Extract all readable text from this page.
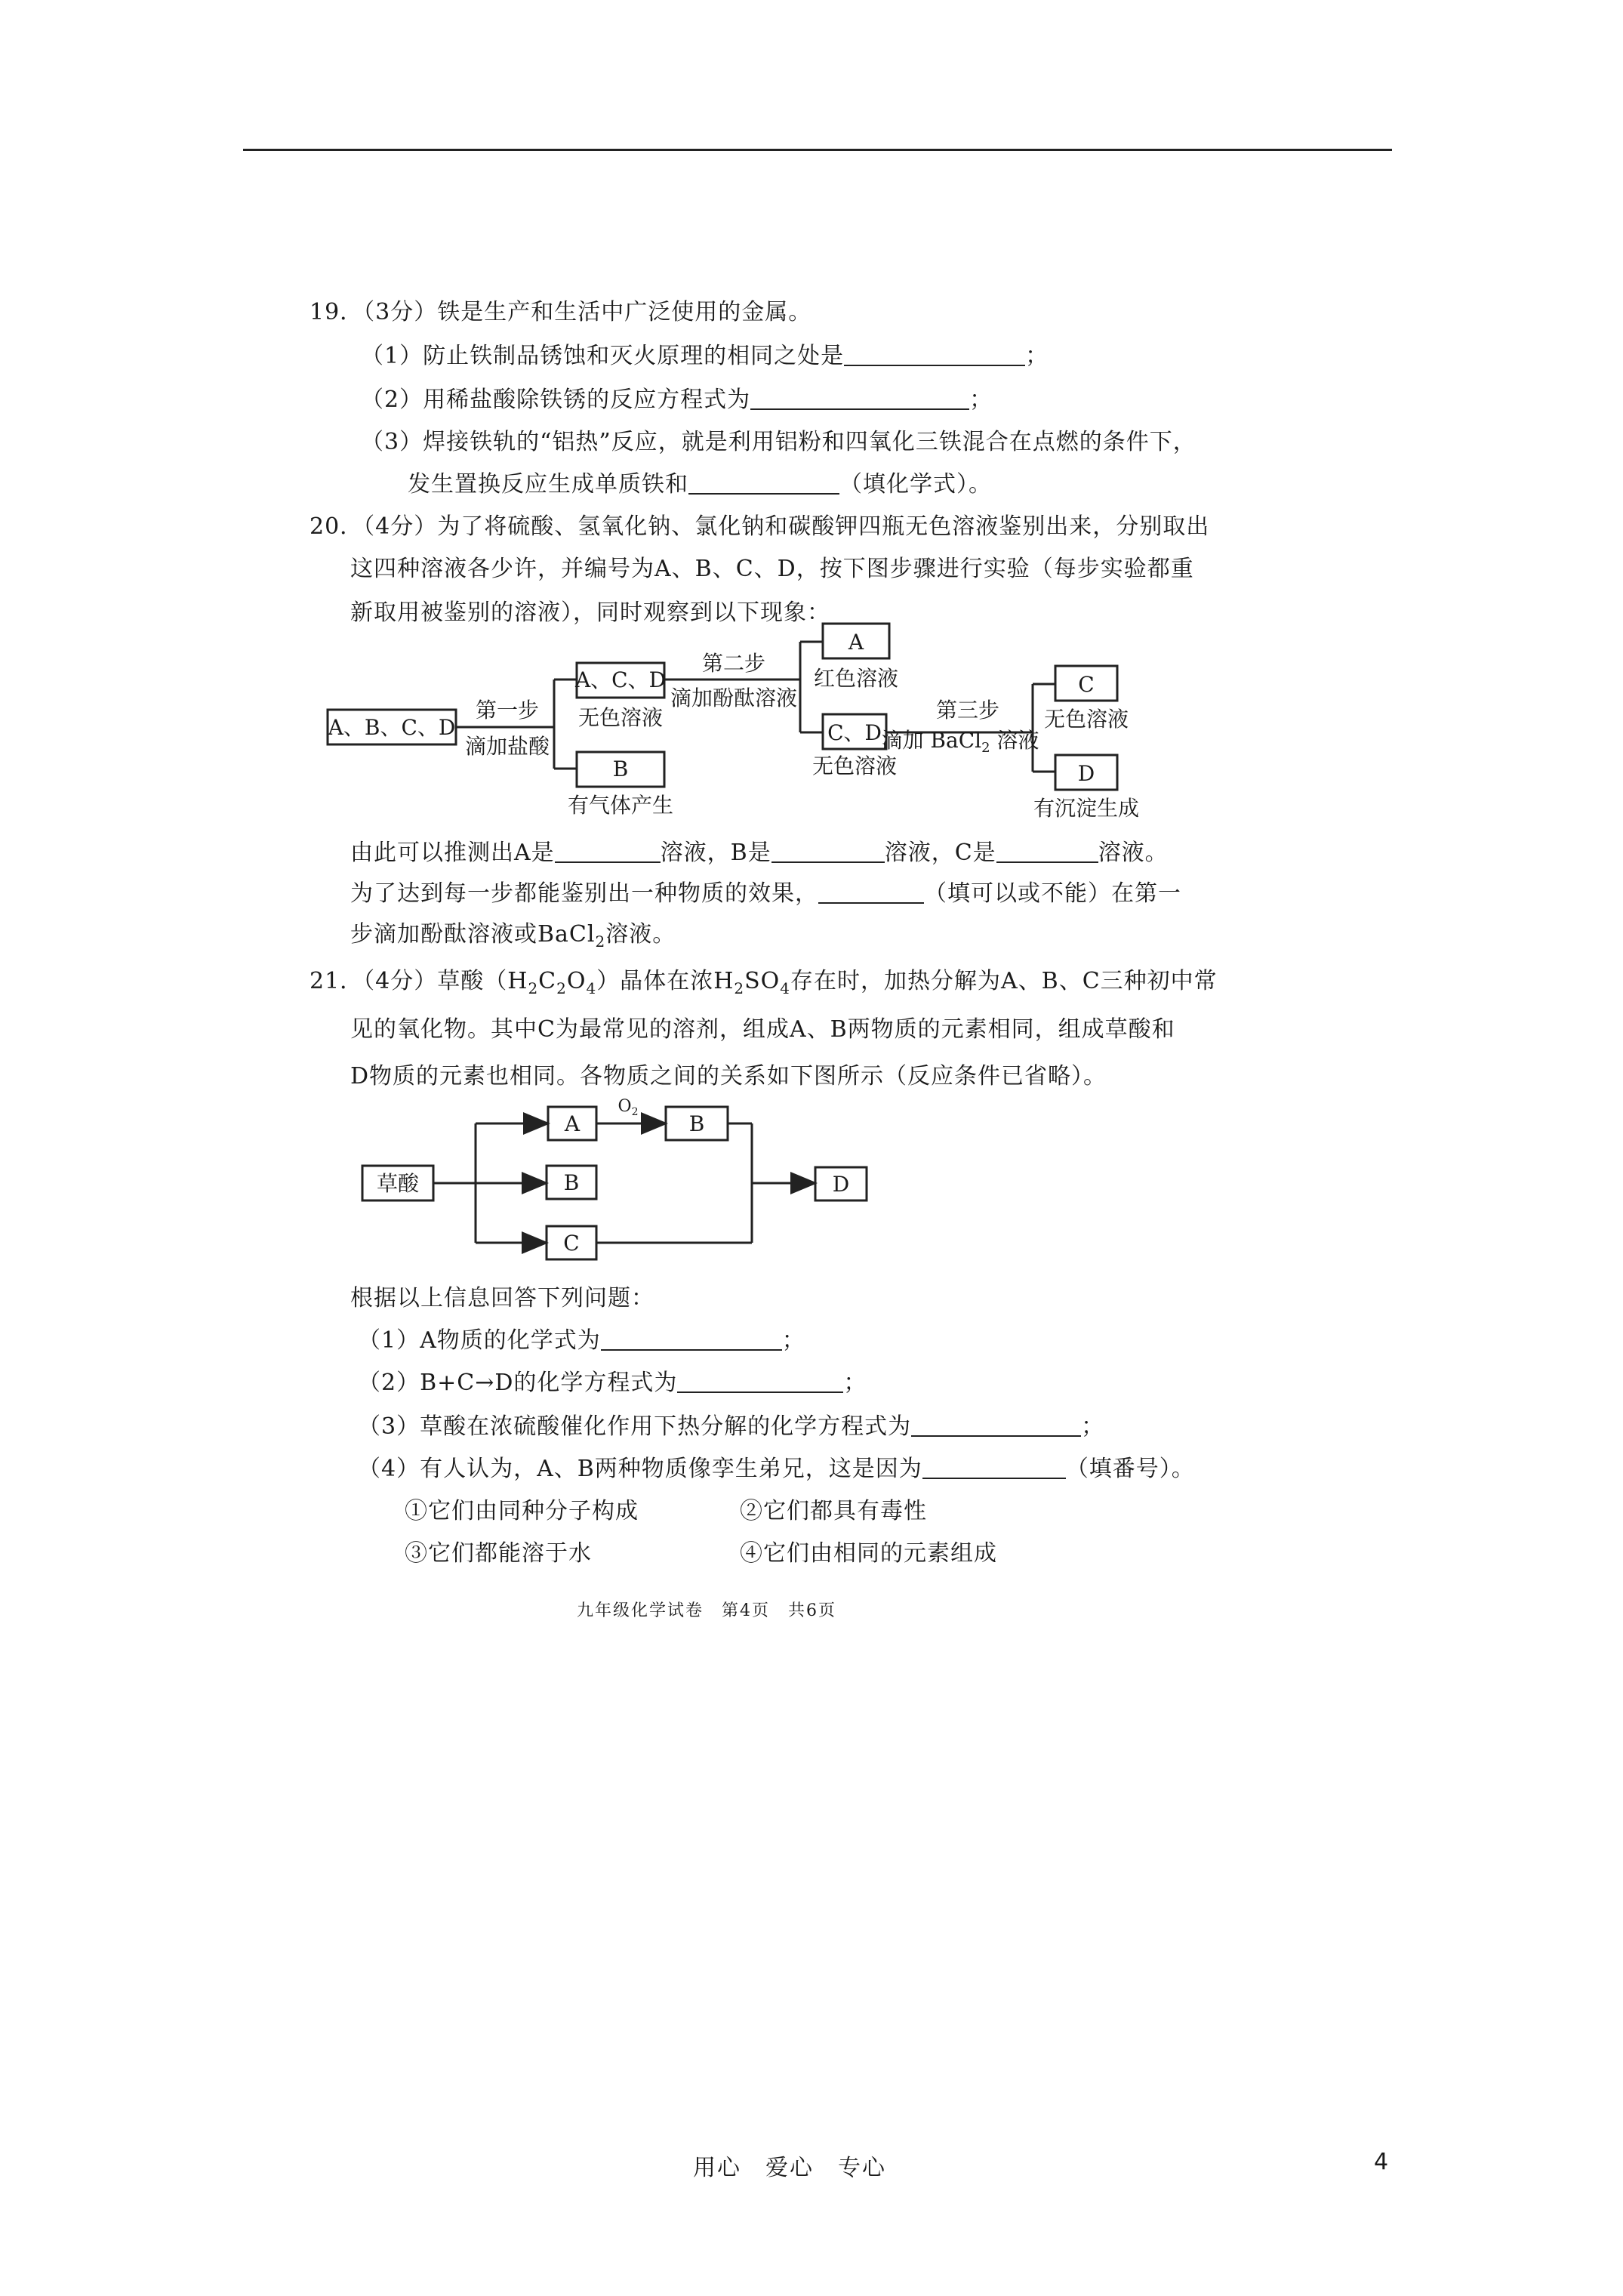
19．（3分）铁是生产和生活中广泛使用的金属。
（1）防止铁制品锈蚀和灭火原理的相同之处是	；
（2）用稀盐酸除铁锈的反应方程式为	；
（3）焊接铁轨的“铝热”反应，就是利用铝粉和四氧化三铁混合在点燃的条件下，
发生置换反应生成单质铁和	（填化学式）。
20．（4分）为了将硫酸、氢氧化钠、氯化钠和碳酸钾四瓶无色溶液鉴别出来，分别取出
这四种溶液各少许，并编号为A、B、C、D，按下图步骤进行实验（每步实验都重
新取用被鉴别的溶液），同时观察到以下现象：
A、B、C、D
第一步
滴加盐酸
A、C、D
无色溶液
B
有气体产生
第二步
滴加酚酞溶液
A
红色溶液
C、D
无色溶液
第三步
滴加 BaCl$_2$ 溶液
C
无色溶液
D
有沉淀生成
由此可以推测出A是	溶液，B是	溶液，C是	溶液。
为了达到每一步都能鉴别出一种物质的效果，	（填可以或不能）在第一
步滴加酚酞溶液或BaCl$_2$溶液。
21．（4分）草酸$(H_2C_2O_4)$晶体在浓$H_2SO_4$存在时，加热分解为A、B、C三种初中常
见的氧化物。其中C为最常见的溶剂，组成A、B两物质的元素相同，组成草酸和
D物质的元素也相同。各物质之间的关系如下图所示（反应条件已省略）。
草酸
A
B
C
B
D
$O_2$
根据以上信息回答下列问题：
（1）A物质的化学式为	；
（2）B+C→D的化学方程式为	；
（3）草酸在浓硫酸催化作用下热分解的化学方程式为	；
（4）有人认为，A、B两种物质像孪生弟兄，这是因为	（填番号）。
①它们由同种分子构成	②它们都具有毒性
③它们都能溶于水	④它们由相同的元素组成
九年级化学试卷　第4页　共6页
用心　爱心　专心	4
